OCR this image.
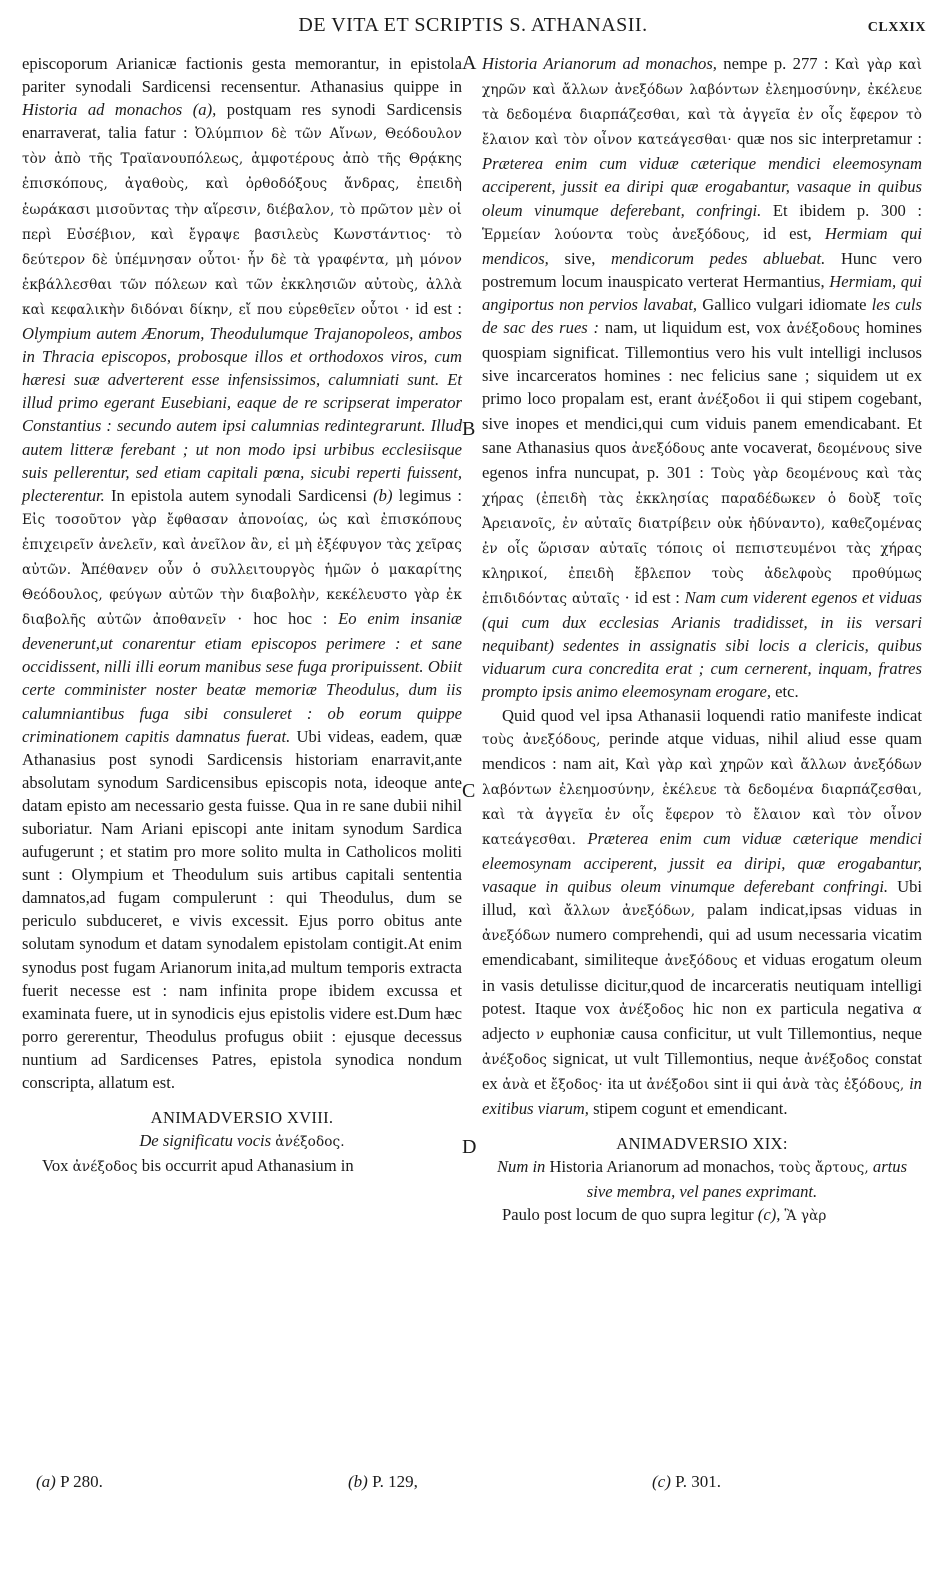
DE VITA ET SCRIPTIS S. ATHANASII.	CLXXIX
A
B
C
D

episcoporum Arianicæ factionis gesta memorantur, in epistola pariter synodali Sardicensi recensentur. Athanasius quippe in Historia ad monachos (a), postquam res synodi Sardicensis enarraverat, talia fatur : Ὀλύμπιον δὲ τῶν Αἴνων, Θεόδουλον τὸν ἀπὸ τῆς Τραϊανουπόλεως, ἀμφοτέρους ἀπὸ τῆς Θρᾴκης ἐπισκόπους, ἀγαθοὺς, καὶ ὀρθοδόξους ἄνδρας, ἐπειδὴ ἑωράκασι μισοῦντας τὴν αἵρεσιν, διέβαλον, τὸ πρῶτον μὲν οἱ περὶ Εὐσέβιον, καὶ ἔγραψε βασιλεὺς Κωνστάντιος· τὸ δεύτερον δὲ ὑπέμνησαν οὗτοι· ἦν δὲ τὰ γραφέντα, μὴ μόνον ἐκβάλλεσθαι τῶν πόλεων καὶ τῶν ἐκκλησιῶν αὐτοὺς, ἀλλὰ καὶ κεφαλικὴν διδόναι δίκην, εἴ που εὑρεθεῖεν οὗτοι · id est : Olympium autem Ænorum, Theodulumque Trajanopoleos, ambos in Thracia episcopos, probosque illos et orthodoxos viros, cum hæresi suæ adverterent esse infensissimos, calumniati sunt. Et illud primo egerant Eusebiani, eaque de re scripserat imperator Constantius : secundo autem ipsi calumnias redintegrarunt. Illud autem litteræ ferebant ; ut non modo ipsi urbibus ecclesiisque suis pellerentur, sed etiam capitali pœna, sicubi reperti fuissent, plecterentur. In epistola autem synodali Sardicensi (b) legimus : Εἰς τοσοῦτον γὰρ ἔφθασαν ἀπονοίας, ὡς καὶ ἐπισκόπους ἐπιχειρεῖν ἀνελεῖν, καὶ ἀνεῖλον ἂν, εἰ μὴ ἐξέφυγον τὰς χεῖρας αὐτῶν. Ἀπέθανεν οὖν ὁ συλλειτουργὸς ἡμῶν ὁ μακαρίτης Θεόδουλος, φεύγων αὐτῶν τὴν διαβολὴν, κεκέλευστο γὰρ ἐκ διαβολῆς αὐτῶν ἀποθανεῖν · hoc hoc : Eo enim insaniæ devenerunt,ut conarentur etiam episcopos perimere : et sane occidissent, nilli illi eorum manibus sese fuga proripuissent. Obiit certe comminister noster beatæ memoriæ Theodulus, dum iis calumniantibus fuga sibi consuleret : ob eorum quippe criminationem capitis damnatus fuerat. Ubi videas, eadem, quæ Athanasius post synodi Sardicensis historiam enarravit,ante absolutam synodum Sardicensibus episcopis nota, ideoque ante datam episto am necessario gesta fuisse. Qua in re sane dubii nihil suboriatur. Nam Ariani episcopi ante initam synodum Sardica aufugerunt ; et statim pro more solito multa in Catholicos moliti sunt : Olympium et Theodulum suis artibus capitali sententia damnatos,ad fugam compulerunt : qui Theodulus, dum se periculo subduceret, e vivis excessit. Ejus porro obitus ante solutam synodum et datam synodalem epistolam contigit.At enim synodus post fugam Arianorum inita,ad multum temporis extracta fuerit necesse est : nam infinita prope ibidem excussa et examinata fuere, ut in synodicis ejus epistolis videre est.Dum hæc porro gererentur, Theodulus profugus obiit : ejusque decessus nuntium ad Sardicenses Patres, epistola synodica nondum conscripta, allatum est.

ANIMADVERSIO XVIII.

De significatu vocis ἀνέξοδος.

Vox ἀνέξοδος bis occurrit apud Athanasium in

Historia Arianorum ad monachos, nempe p. 277 : Καὶ γὰρ καὶ χηρῶν καὶ ἄλλων ἀνεξόδων λαβόντων ἐλεημοσύνην, ἐκέλευε τὰ δεδομένα διαρπάζεσθαι, καὶ τὰ ἀγγεῖα ἐν οἷς ἔφερον τὸ ἔλαιον καὶ τὸν οἶνον κατεάγεσθαι· quæ nos sic interpretamur : Præterea enim cum viduæ cæterique mendici eleemosynam acciperent, jussit ea diripi quæ erogabantur, vasaque in quibus oleum vinumque deferebant, confringi. Et ibidem p. 300 : Ἑρμείαν λούοντα τοὺς ἀνεξόδους, id est, Hermiam qui mendicos, sive, mendicorum pedes abluebat. Hunc vero postremum locum inauspicato verterat Hermantius, Hermiam, qui angiportus non pervios lavabat, Gallico vulgari idiomate les culs de sac des rues : nam, ut liquidum est, vox ἀνέξοδους homines quospiam significat. Tillemontius vero his vult intelligi inclusos sive incarceratos homines : nec felicius sane ; siquidem ut ex primo loco propalam est, erant ἀνέξοδοι ii qui stipem cogebant, sive inopes et mendici,qui cum viduis panem emendicabant. Et sane Athanasius quos ἀνεξόδους ante vocaverat, δεομένους sive egenos infra nuncupat, p. 301 : Τοὺς γὰρ δεομένους καὶ τὰς χήρας (ἐπειδὴ τὰς ἐκκλησίας παραδέδωκεν ὁ δοὺξ τοῖς Ἀρειανοῖς, ἐν αὐταῖς διατρίβειν οὐκ ἠδύναντο), καθεζομένας ἐν οἷς ὥρισαν αὐταῖς τόποις οἱ πεπιστευμένοι τὰς χήρας κληρικοί, ἐπειδὴ ἔβλεπον τοὺς ἀδελφοὺς προθύμως ἐπιδιδόντας αὐταῖς · id est : Nam cum viderent egenos et viduas (qui cum dux ecclesias Arianis tradidisset, in iis versari nequibant) sedentes in assignatis sibi locis a clericis, quibus viduarum cura concredita erat ; cum cernerent, inquam, fratres prompto ipsis animo eleemosynam erogare, etc.

Quid quod vel ipsa Athanasii loquendi ratio manifeste indicat τοὺς ἀνεξόδους, perinde atque viduas, nihil aliud esse quam mendicos : nam ait, Καὶ γὰρ καὶ χηρῶν καὶ ἄλλων ἀνεξόδων λαβόντων ἐλεημοσύνην, ἐκέλευε τὰ δεδομένα διαρπάζεσθαι, καὶ τὰ ἀγγεῖα ἐν οἷς ἔφερον τὸ ἔλαιον καὶ τὸν οἶνον κατεάγεσθαι. Præterea enim cum viduæ cæterique mendici eleemosynam acciperent, jussit ea diripi, quæ erogabantur, vasaque in quibus oleum vinumque deferebant confringi. Ubi illud, καὶ ἄλλων ἀνεξόδων, palam indicat,ipsas viduas in ἀνεξόδων numero comprehendi, qui ad usum necessaria vicatim emendicabant, similiteque ἀνεξόδους et viduas erogatum oleum in vasis detulisse dicitur,quod de incarceratis neutiquam intelligi potest. Itaque vox ἀνέξοδος hic non ex particula negativa α adjecto ν euphoniæ causa conficitur, ut vult Tillemontius, neque ἀνέξοδος signicat, ut vult Tillemontius, neque ἀνέξοδος constat ex ἀνὰ et ἔξοδος· ita ut ἀνέξοδοι sint ii qui ἀνὰ τὰς ἐξόδους, in exitibus viarum, stipem cogunt et emendicant.

ANIMADVERSIO XIX:

Num in Historia Arianorum ad monachos, τοὺς ἄρτους, artus sive membra, vel panes exprimant.

Paulo post locum de quo supra legitur (c), Ἃ γὰρ

(a) P 280.	(b) P. 129,	(c) P. 301.
